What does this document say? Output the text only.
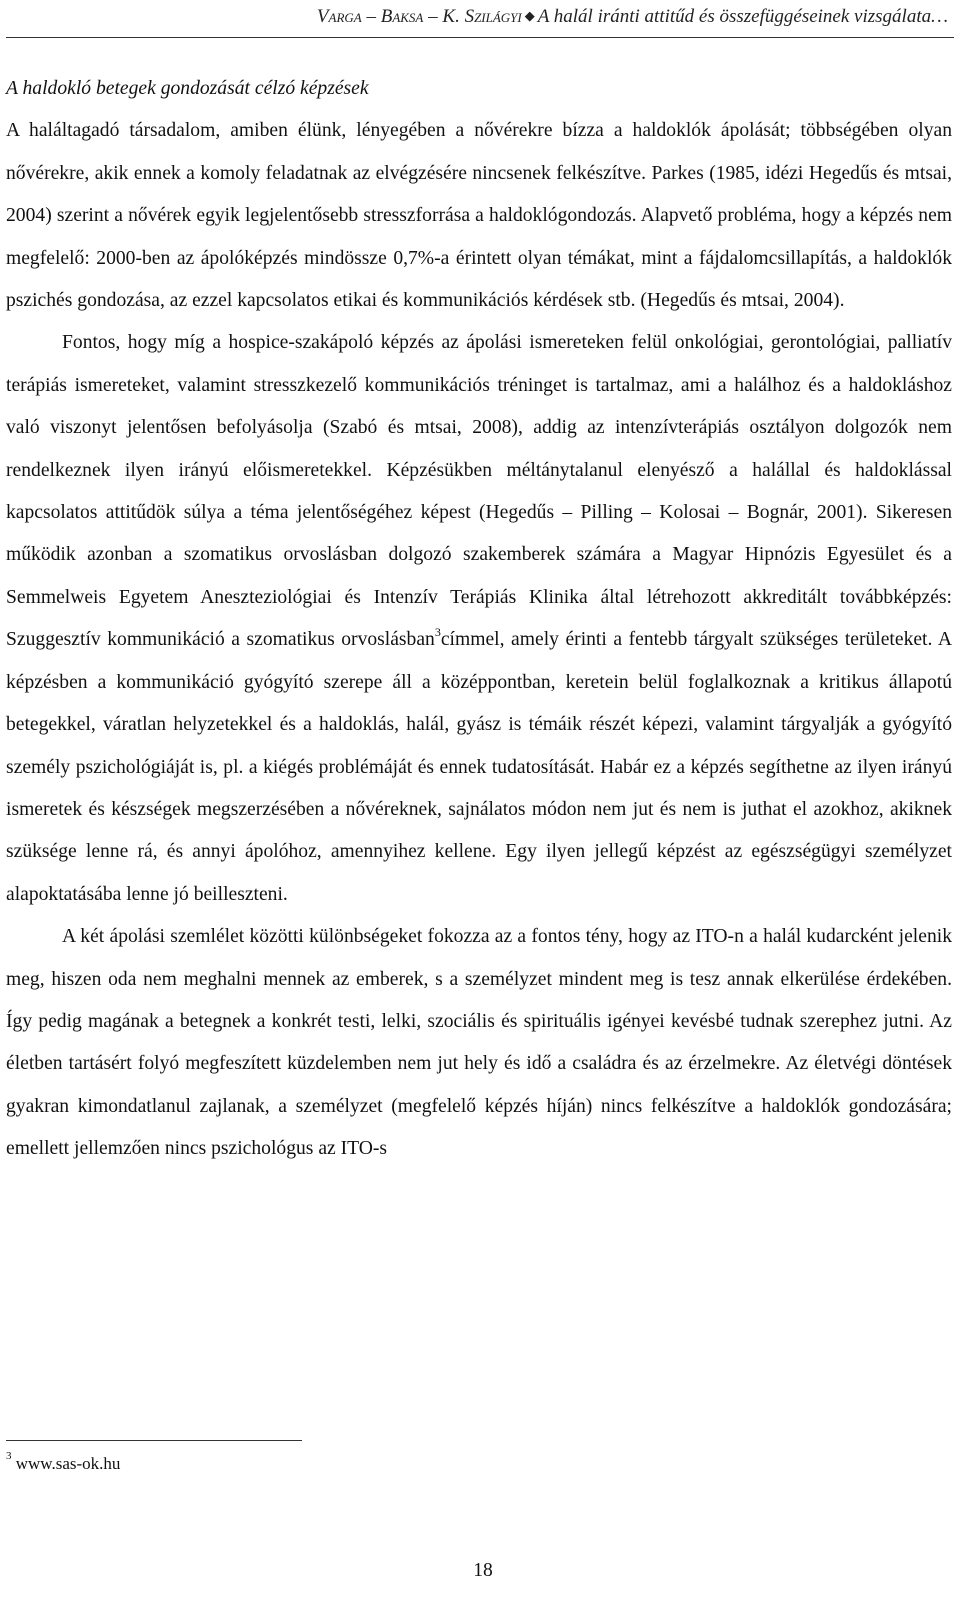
Varga – Baksa – K. Szilágyi ◆ A halál iránti attitűd és összefüggéseinek vizsgálata…

A haldokló betegek gondozását célzó képzések

A haláltagadó társadalom, amiben élünk, lényegében a nővérekre bízza a haldoklók ápolását; többségében olyan nővérekre, akik ennek a komoly feladatnak az elvégzésére nincsenek felkészítve. Parkes (1985, idézi Hegedűs és mtsai, 2004) szerint a nővérek egyik legjelentősebb stresszforrása a haldoklógondozás. Alapvető probléma, hogy a képzés nem megfelelő: 2000-ben az ápolóképzés mindössze 0,7%-a érintett olyan témákat, mint a fájdalomcsillapítás, a haldoklók pszichés gondozása, az ezzel kapcsolatos etikai és kommunikációs kérdések stb. (Hegedűs és mtsai, 2004).

Fontos, hogy míg a hospice-szakápoló képzés az ápolási ismereteken felül onkológiai, gerontológiai, palliatív terápiás ismereteket, valamint stresszkezelő kommunikációs tréninget is tartalmaz, ami a halálhoz és a haldokláshoz való viszonyt jelentősen befolyásolja (Szabó és mtsai, 2008), addig az intenzívterápiás osztályon dolgozók nem rendelkeznek ilyen irányú előismeretekkel. Képzésükben méltánytalanul elenyésző a halállal és haldoklással kapcsolatos attitűdök súlya a téma jelentőségéhez képest (Hegedűs – Pilling – Kolosai – Bognár, 2001). Sikeresen működik azonban a szomatikus orvoslásban dolgozó szakemberek számára a Magyar Hipnózis Egyesület és a Semmelweis Egyetem Aneszteziológiai és Intenzív Terápiás Klinika által létrehozott akkreditált továbbképzés: Szuggesztív kommunikáció a szomatikus orvoslásban$^3$címmel, amely érinti a fentebb tárgyalt szükséges területeket. A képzésben a kommunikáció gyógyító szerepe áll a középpontban, keretein belül foglalkoznak a kritikus állapotú betegekkel, váratlan helyzetekkel és a haldoklás, halál, gyász is témáik részét képezi, valamint tárgyalják a gyógyító személy pszichológiáját is, pl. a kiégés problémáját és ennek tudatosítását. Habár ez a képzés segíthetne az ilyen irányú ismeretek és készségek megszerzésében a nővéreknek, sajnálatos módon nem jut és nem is juthat el azokhoz, akiknek szüksége lenne rá, és annyi ápolóhoz, amennyihez kellene. Egy ilyen jellegű képzést az egészségügyi személyzet alapoktatásába lenne jó beilleszteni.

A két ápolási szemlélet közötti különbségeket fokozza az a fontos tény, hogy az ITO-n a halál kudarcként jelenik meg, hiszen oda nem meghalni mennek az emberek, s a személyzet mindent meg is tesz annak elkerülése érdekében. Így pedig magának a betegnek a konkrét testi, lelki, szociális és spirituális igényei kevésbé tudnak szerephez jutni. Az életben tartásért folyó megfeszített küzdelemben nem jut hely és idő a családra és az érzelmekre. Az életvégi döntések gyakran kimondatlanul zajlanak, a személyzet (megfelelő képzés híján) nincs felkészítve a haldoklók gondozására; emellett jellemzően nincs pszichológus az ITO-s

$^3$ www.sas-ok.hu
18
